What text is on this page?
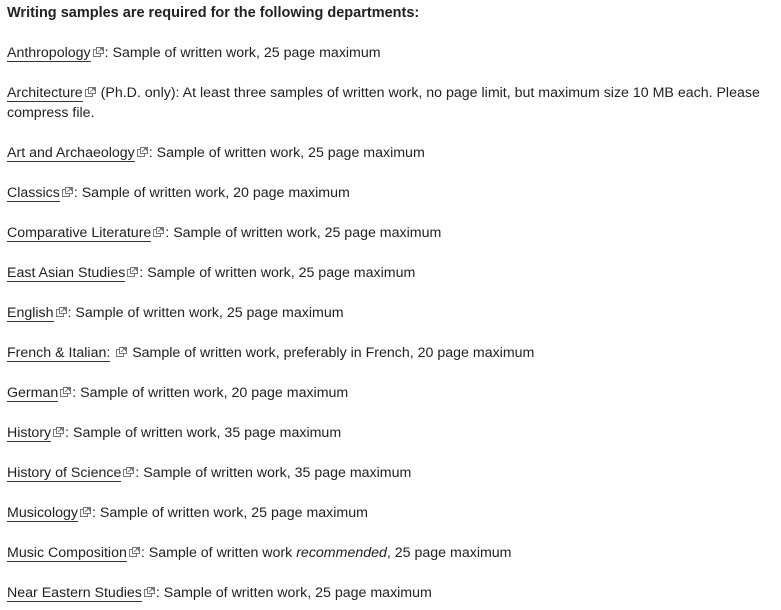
Writing samples are required for the following departments:

Anthropology : Sample of written work, 25 page maximum

Architecture
(Ph.D. only): At least three samples of written work, no page limit, but maximum size 10 MB each. Please compress file.

Art and Archaeology : Sample of written work, 25 page maximum

Classics : Sample of written work, 20 page maximum

Comparative Literature : Sample of written work, 25 page maximum

East Asian Studies : Sample of written work, 25 page maximum

English : Sample of written work, 25 page maximum

French & Italian:
Sample of written work, preferably in French, 20 page maximum

German : Sample of written work, 20 page maximum

History : Sample of written work, 35 page maximum

History of Science : Sample of written work, 35 page maximum

Musicology : Sample of written work, 25 page maximum

Music Composition : Sample of written work recommended, 25 page maximum

Near Eastern Studies : Sample of written work, 25 page maximum
